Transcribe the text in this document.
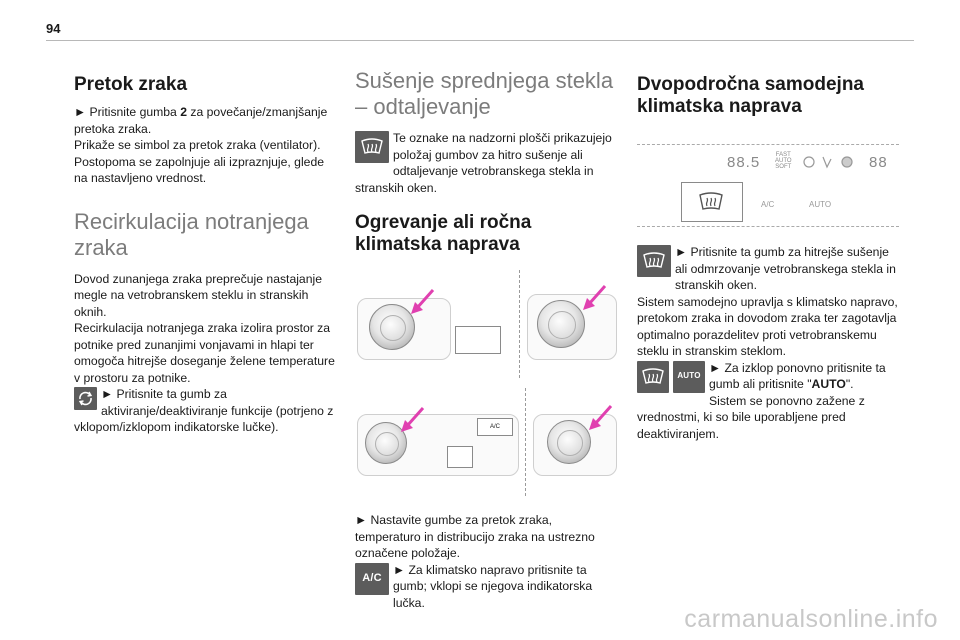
94
Pretok zraka

► Pritisnite gumba 2 za povečanje/zmanjšanje pretoka zraka.

Prikaže se simbol za pretok zraka (ventilator). Postopoma se zapolnjuje ali izpraznjuje, glede na nastavljeno vrednost.

Recirkulacija notranjega zraka

Dovod zunanjega zraka preprečuje nastajanje megle na vetrobranskem steklu in stranskih oknih.

Recirkulacija notranjega zraka izolira prostor za potnike pred zunanjimi vonjavami in hlapi ter omogoča hitrejše doseganje želene temperature v prostoru za potnike.

► Pritisnite ta gumb za aktiviranje/deaktiviranje funkcije (potrjeno z vklopom/izklopom indikatorske lučke).

Sušenje sprednjega stekla – odtaljevanje

Te oznake na nadzorni plošči prikazujejo položaj gumbov za hitro sušenje ali odtaljevanje vetrobranskega stekla in stranskih oken.

Ogrevanje ali ročna klimatska naprava
A/C

► Nastavite gumbe za pretok zraka, temperaturo in distribucijo zraka na ustrezno označene položaje.

A/C
► Za klimatsko napravo pritisnite ta gumb; vklopi se njegova indikatorska lučka.

Dvopodročna samodejna klimatska naprava
88.5	FAST
AUTO
SOFT	88
A/C	AUTO

► Pritisnite ta gumb za hitrejše sušenje ali odmrzovanje vetrobranskega stekla in stranskih oken.

Sistem samodejno upravlja s klimatsko napravo, pretokom zraka in dovodom zraka ter zagotavlja optimalno porazdelitev proti vetrobranskemu steklu in stranskim steklom.

AUTO
► Za izklop ponovno pritisnite ta gumb ali pritisnite "AUTO".

Sistem se ponovno zažene z vrednostmi, ki so bile uporabljene pred deaktiviranjem.

carmanualsonline.info
